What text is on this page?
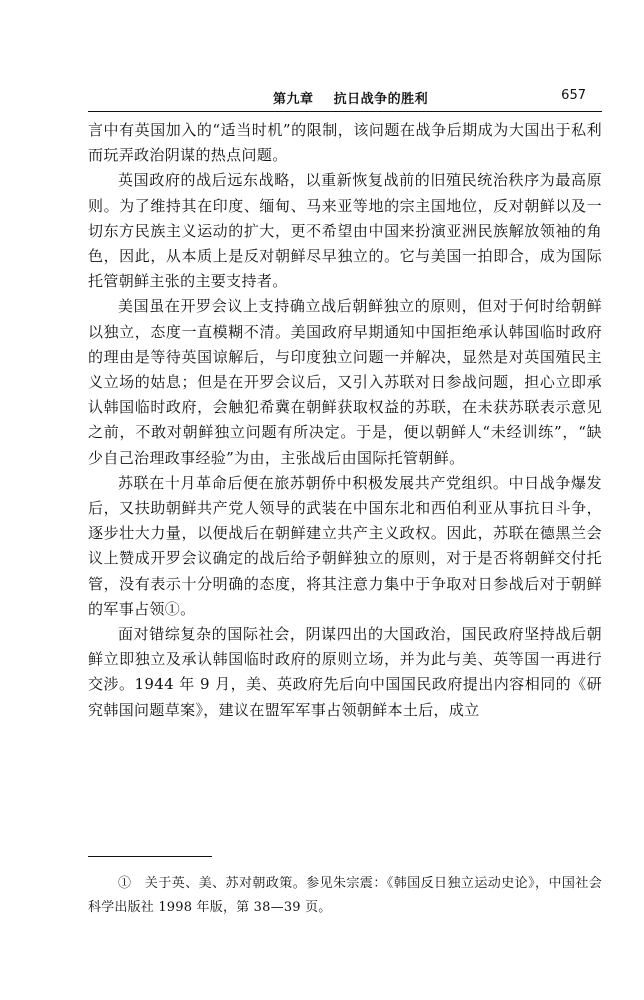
第九章    抗日战争的胜利	657

言中有英国加入的“适当时机”的限制，该问题在战争后期成为大国出于私利而玩弄政治阴谋的热点问题。

英国政府的战后远东战略，以重新恢复战前的旧殖民统治秩序为最高原则。为了维持其在印度、缅甸、马来亚等地的宗主国地位，反对朝鲜以及一切东方民族主义运动的扩大，更不希望由中国来扮演亚洲民族解放领袖的角色，因此，从本质上是反对朝鲜尽早独立的。它与美国一拍即合，成为国际托管朝鲜主张的主要支持者。

美国虽在开罗会议上支持确立战后朝鲜独立的原则，但对于何时给朝鲜以独立，态度一直模糊不清。美国政府早期通知中国拒绝承认韩国临时政府的理由是等待英国谅解后，与印度独立问题一并解决，显然是对英国殖民主义立场的姑息；但是在开罗会议后，又引入苏联对日参战问题，担心立即承认韩国临时政府，会触犯希冀在朝鲜获取权益的苏联，在未获苏联表示意见之前，不敢对朝鲜独立问题有所决定。于是，便以朝鲜人“未经训练”，“缺少自己治理政事经验”为由，主张战后由国际托管朝鲜。

苏联在十月革命后便在旅苏朝侨中积极发展共产党组织。中日战争爆发后，又扶助朝鲜共产党人领导的武装在中国东北和西伯利亚从事抗日斗争，逐步壮大力量，以便战后在朝鲜建立共产主义政权。因此，苏联在德黑兰会议上赞成开罗会议确定的战后给予朝鲜独立的原则，对于是否将朝鲜交付托管，没有表示十分明确的态度，将其注意力集中于争取对日参战后对于朝鲜的军事占领①。

面对错综复杂的国际社会，阴谋四出的大国政治，国民政府坚持战后朝鲜立即独立及承认韩国临时政府的原则立场，并为此与美、英等国一再进行交涉。1944 年 9 月，美、英政府先后向中国国民政府提出内容相同的《研究韩国问题草案》，建议在盟军军事占领朝鲜本土后，成立

①　关于英、美、苏对朝政策。参见朱宗震：《韩国反日独立运动史论》，中国社会科学出版社 1998 年版，第 38—39 页。
